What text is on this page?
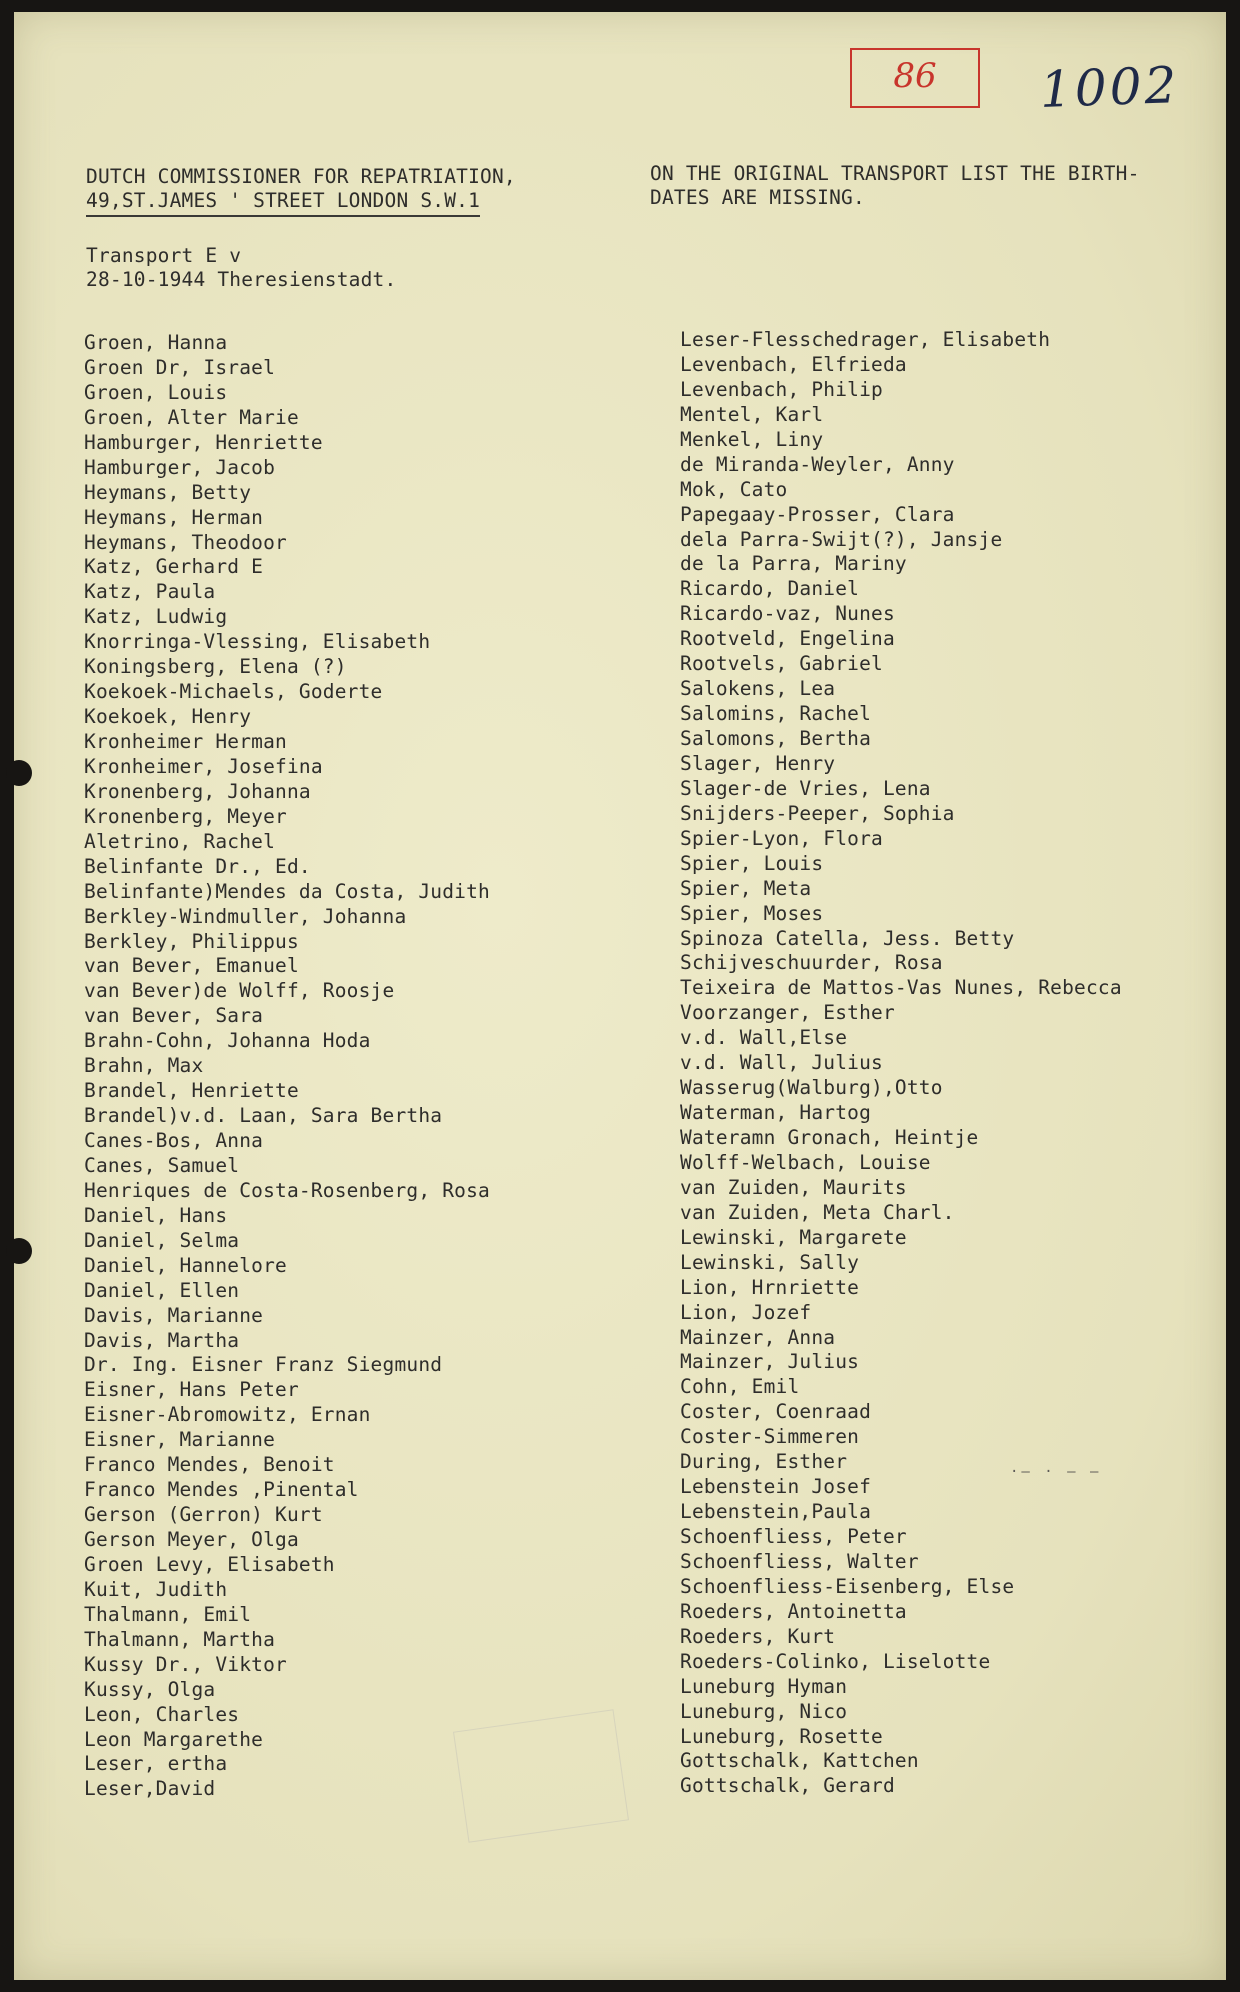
86	1002
DUTCH COMMISSIONER FOR REPATRIATION,
49,ST.JAMES ' STREET LONDON S.W.1
ON THE ORIGINAL TRANSPORT LIST THE BIRTH-
DATES ARE MISSING.
Transport E v
28-10-1944 Theresienstadt.
Groen, Hanna
Groen Dr, Israel
Groen, Louis
Groen, Alter Marie
Hamburger, Henriette
Hamburger, Jacob
Heymans, Betty
Heymans, Herman
Heymans, Theodoor
Katz, Gerhard E
Katz, Paula
Katz, Ludwig
Knorringa-Vlessing, Elisabeth
Koningsberg, Elena (?)
Koekoek-Michaels, Goderte
Koekoek, Henry
Kronheimer Herman
Kronheimer, Josefina
Kronenberg, Johanna
Kronenberg, Meyer
Aletrino, Rachel
Belinfante Dr., Ed.
Belinfante)Mendes da Costa, Judith
Berkley-Windmuller, Johanna
Berkley, Philippus
van Bever, Emanuel
van Bever)de Wolff, Roosje
van Bever, Sara
Brahn-Cohn, Johanna Hoda
Brahn, Max
Brandel, Henriette
Brandel)v.d. Laan, Sara Bertha
Canes-Bos, Anna
Canes, Samuel
Henriques de Costa-Rosenberg, Rosa
Daniel, Hans
Daniel, Selma
Daniel, Hannelore
Daniel, Ellen
Davis, Marianne
Davis, Martha
Dr. Ing. Eisner Franz Siegmund
Eisner, Hans Peter
Eisner-Abromowitz, Ernan
Eisner, Marianne
Franco Mendes, Benoit
Franco Mendes ,Pinental
Gerson (Gerron) Kurt
Gerson Meyer, Olga
Groen Levy, Elisabeth
Kuit, Judith
Thalmann, Emil
Thalmann, Martha
Kussy Dr., Viktor
Kussy, Olga
Leon, Charles
Leon Margarethe
Leser, ertha
Leser,David
Leser-Flesschedrager, Elisabeth
Levenbach, Elfrieda
Levenbach, Philip
Mentel, Karl
Menkel, Liny
de Miranda-Weyler, Anny
Mok, Cato
Papegaay-Prosser, Clara
dela Parra-Swijt(?), Jansje
de la Parra, Mariny
Ricardo, Daniel
Ricardo-vaz, Nunes
Rootveld, Engelina
Rootvels, Gabriel
Salokens, Lea
Salomins, Rachel
Salomons, Bertha
Slager, Henry
Slager-de Vries, Lena
Snijders-Peeper, Sophia
Spier-Lyon, Flora
Spier, Louis
Spier, Meta
Spier, Moses
Spinoza Catella, Jess. Betty
Schijveschuurder, Rosa
Teixeira de Mattos-Vas Nunes, Rebecca
Voorzanger, Esther
v.d. Wall,Else
v.d. Wall, Julius
Wasserug(Walburg),Otto
Waterman, Hartog
Wateramn Gronach, Heintje
Wolff-Welbach, Louise
van Zuiden, Maurits
van Zuiden, Meta Charl.
Lewinski, Margarete
Lewinski, Sally
Lion, Hrnriette
Lion, Jozef
Mainzer, Anna
Mainzer, Julius
Cohn, Emil
Coster, Coenraad
Coster-Simmeren
During, Esther
Lebenstein Josef
Lebenstein,Paula
Schoenfliess, Peter
Schoenfliess, Walter
Schoenfliess-Eisenberg, Else
Roeders, Antoinetta
Roeders, Kurt
Roeders-Colinko, Liselotte
Luneburg Hyman
Luneburg, Nico
Luneburg, Rosette
Gottschalk, Kattchen
Gottschalk, Gerard
·‒ · ‒ ‒
